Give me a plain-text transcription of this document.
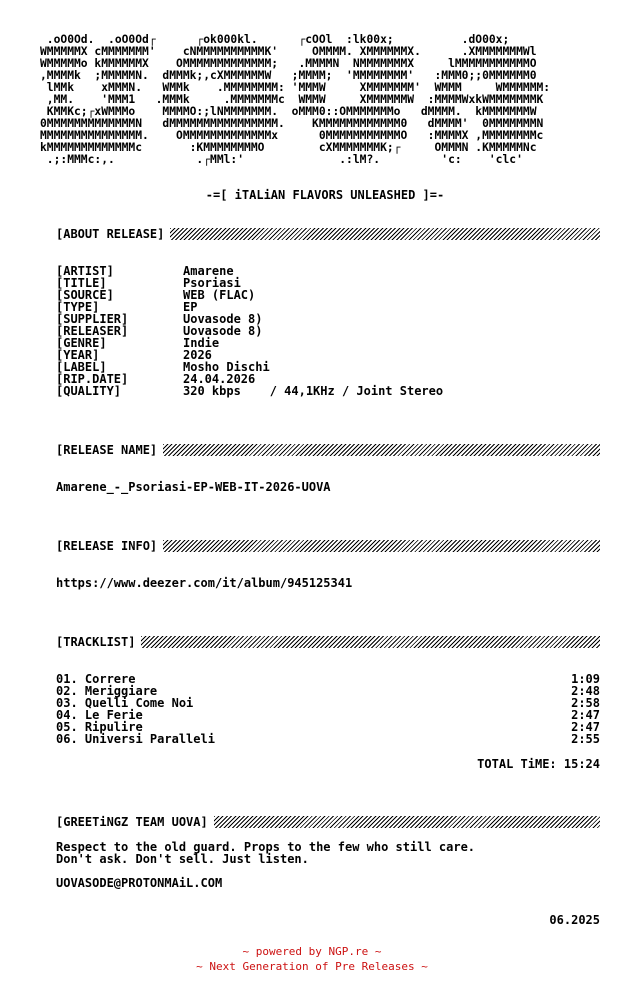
.oO0Od.  .oO0Od┌      ┌ok000kl.      ┌cOOl  :lk00x;          .dO00x;
WMMMMMX cMMMMMMM'    cNMMMMMMMMMMK'     OMMMM. XMMMMMMX.      .XMMMMMMMWl
WMMMMMo kMMMMMMX    OMMMMMMMMMMMMM;   .MMMMN  NMMMMMMMX     lMMMMMMMMMMMO
,MMMMk  ;MMMMMN.  dMMMk;,cXMMMMMMW   ;MMMM;  'MMMMMMMM'   :MMM0;;0MMMMMM0
lMMk    xMMMN.   WMMk    .MMMMMMMM: 'MMMW     XMMMMMMM'  WMMM     WMMMMMM:
,MM.    'MMM1   .MMMk     .MMMMMMMc  WMMW     XMMMMMMW  :MMMMWxkWMMMMMMMK
KMMKc;┌xWMMMo    MMMMO:;lNMMMMMMM.  oMMM0::OMMMMMMMo   dMMMM.  kMMMMMMMW
0MMMMMMMMMMMMMN   dMMMMMMMMMMMMMMMM.    KMMMMMMMMMMMM0   dMMMM'  0MMMMMMMN
MMMMMMMMMMMMMMM.    OMMMMMMMMMMMMMx      0MMMMMMMMMMMO   :MMMMX ,MMMMMMMMc
kMMMMMMMMMMMMMc       :KMMMMMMMMO        cXMMMMMMMK;┌     OMMMN .KMMMMMNc
.;:MMMc:,.            .┌MMl:'              .:lM?.         'c:    'clc'
-=[ iTALiAN FLAVORS UNLEASHED ]=-
[ABOUT RELEASE]
[ARTIST]	Amarene
[TITLE]	Psoriasi
[SOURCE]	WEB (FLAC)
[TYPE]	EP
[SUPPLIER]	Uovasode 8)
[RELEASER]	Uovasode 8)
[GENRE]	Indie
[YEAR]	2026
[LABEL]	Mosho Dischi
[RIP.DATE]	24.04.2026
[QUALITY]	320 kbps    / 44,1KHz / Joint Stereo
[RELEASE NAME]
Amarene_-_Psoriasi-EP-WEB-IT-2026-UOVA
[RELEASE INFO]
https://www.deezer.com/it/album/945125341
[TRACKLIST]
01. Correre	1:09
02. Meriggiare	2:48
03. Quelli Come Noi	2:58
04. Le Ferie	2:47
05. Ripulire	2:47
06. Universi Paralleli	2:55
TOTAL TiME: 15:24
[GREETiNGZ TEAM UOVA]
Respect to the old guard. Props to the few who still care.
Don't ask. Don't sell. Just listen.
UOVASODE@PROTONMAiL.COM
06.2025
~ powered by NGP.re ~
~ Next Generation of Pre Releases ~
